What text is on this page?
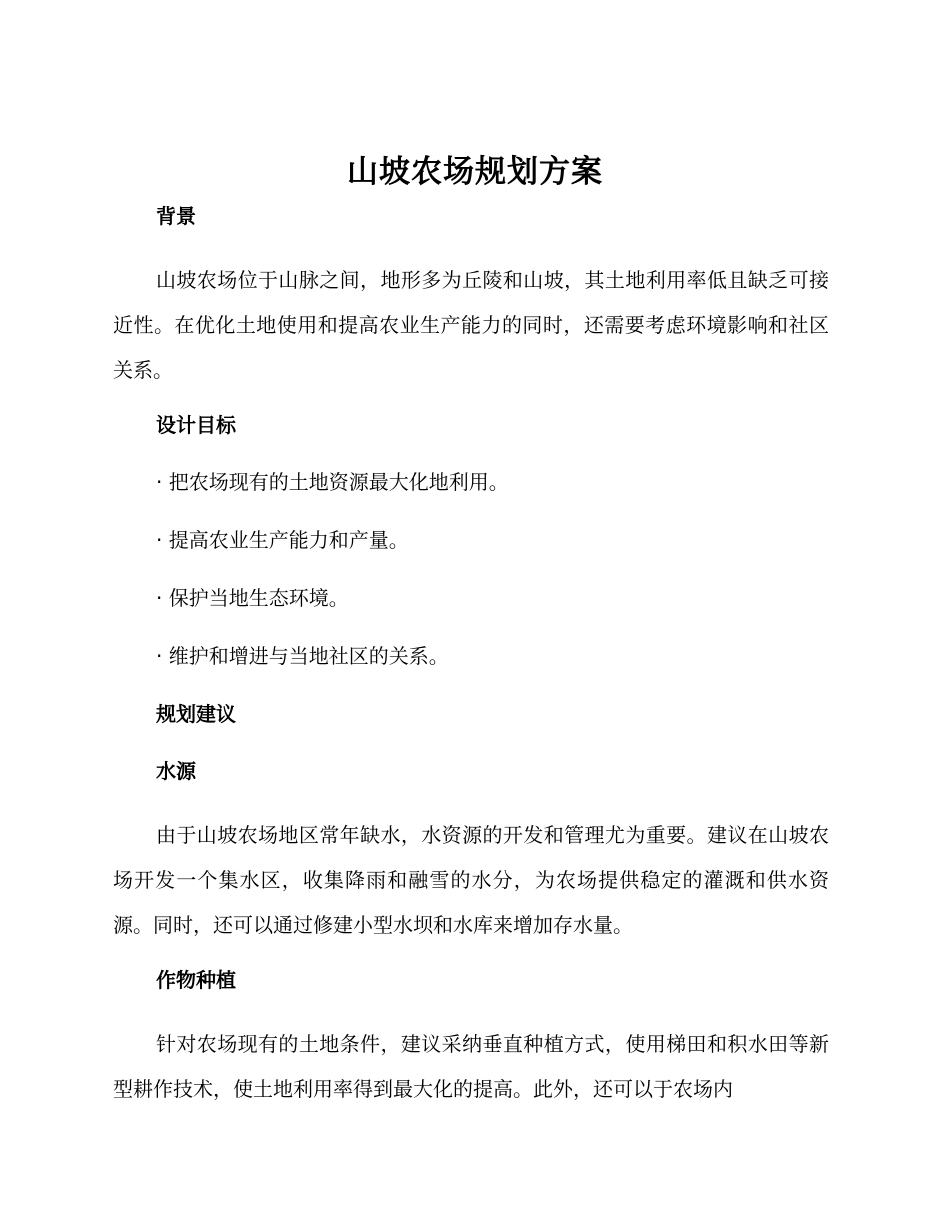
山坡农场规划方案
背景
山坡农场位于山脉之间，地形多为丘陵和山坡，其土地利用率低且缺乏可接近性。在优化土地使用和提高农业生产能力的同时，还需要考虑环境影响和社区关系。
设计目标
· 把农场现有的土地资源最大化地利用。
· 提高农业生产能力和产量。
· 保护当地生态环境。
· 维护和增进与当地社区的关系。
规划建议
水源
由于山坡农场地区常年缺水，水资源的开发和管理尤为重要。建议在山坡农场开发一个集水区，收集降雨和融雪的水分，为农场提供稳定的灌溉和供水资源。同时，还可以通过修建小型水坝和水库来增加存水量。
作物种植
针对农场现有的土地条件，建议采纳垂直种植方式，使用梯田和积水田等新型耕作技术，使土地利用率得到最大化的提高。此外，还可以于农场内
